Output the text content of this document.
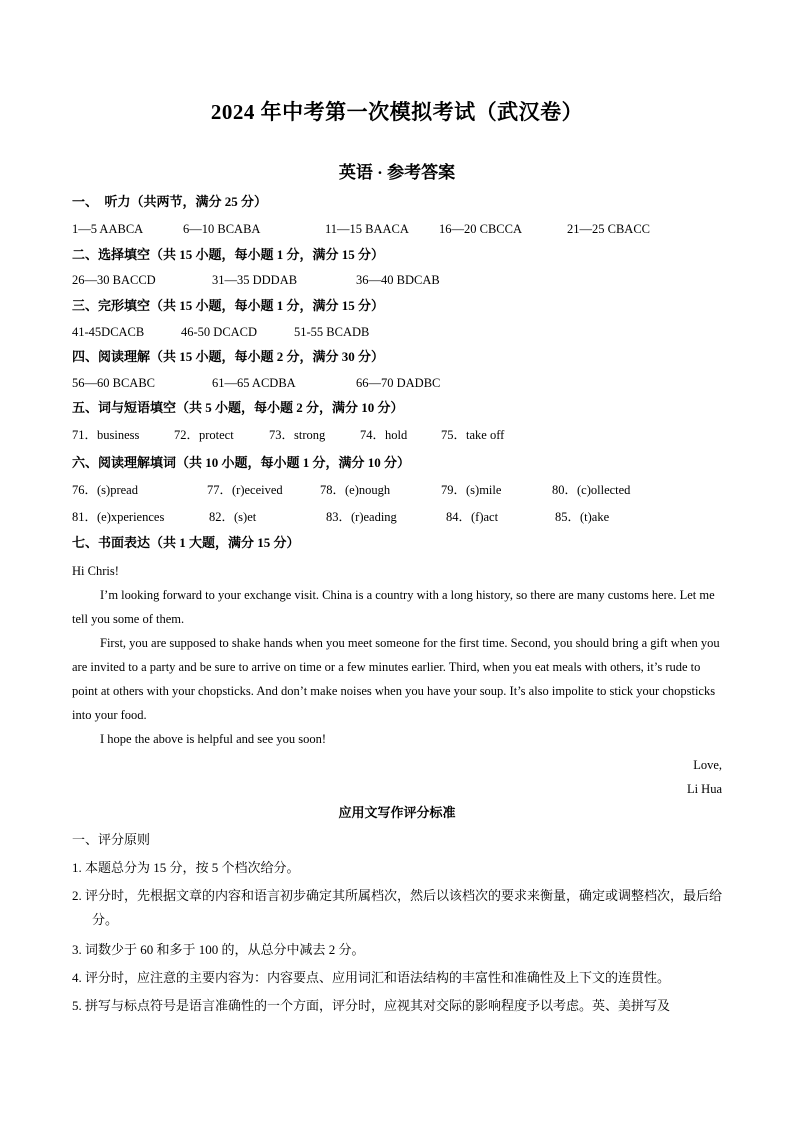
2024 年中考第一次模拟考试（武汉卷）
英语 · 参考答案
一、　听力（共两节，满分 25 分）
1—5 AABCA	6—10 BCABA	11—15 BAACA 16—20 CBCCA	21—25 CBACC
二、选择填空（共 15 小题，每小题 1 分，满分 15 分）
26—30 BACCD	31—35 DDDAB	36—40 BDCAB
三、完形填空（共 15 小题，每小题 1 分，满分 15 分）
41-45DCACB	46-50 DCACD	51-55 BCADB
四、阅读理解（共 15 小题，每小题 2 分，满分 30 分）
56—60 BCABC	61—65 ACDBA	66—70 DADBC
五、词与短语填空（共 5 小题，每小题 2 分，满分 10 分）
71．business	72．protect	73．strong	74．hold	75．take off
六、阅读理解填词（共 10 小题，每小题 1 分，满分 10 分）
76．(s)pread	77．(r)eceived	78．(e)nough	79．(s)mile	80．(c)ollected
81．(e)xperiences	82．(s)et	83．(r)eading	84．(f)act	85．(t)ake
七、书面表达（共 1 大题，满分 15 分）
Hi Chris!
I’m looking forward to your exchange visit. China is a country with a long history, so there are many customs here. Let me tell you some of them.
First, you are supposed to shake hands when you meet someone for the first time. Second, you should bring a gift when you are invited to a party and be sure to arrive on time or a few minutes earlier. Third, when you eat meals with others, it’s rude to point at others with your chopsticks. And don’t make noises when you have your soup. It’s also impolite to stick your chopsticks into your food.
I hope the above is helpful and see you soon!
Love,
Li Hua
应用文写作评分标准
一、评分原则
1. 本题总分为 15 分，按 5 个档次给分。
2. 评分时，先根据文章的内容和语言初步确定其所属档次，然后以该档次的要求来衡量，确定或调整档次，最后给分。
3. 词数少于 60 和多于 100 的，从总分中减去 2 分。
4. 评分时，应注意的主要内容为：内容要点、应用词汇和语法结构的丰富性和准确性及上下文的连贯性。
5. 拼写与标点符号是语言准确性的一个方面，评分时，应视其对交际的影响程度予以考虑。英、美拼写及
